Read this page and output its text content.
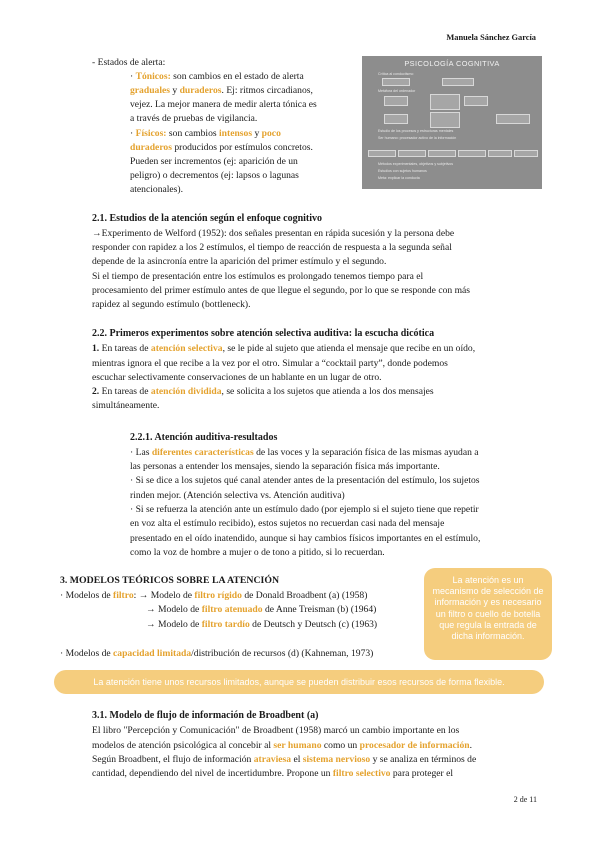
Manuela Sánchez García
2 de 11
PSICOLOGÍA COGNITIVA
Crítica al conductismo
Metáfora del ordenador
Estudio de los procesos y estructuras mentales
Ser humano: procesador activo de la información
Métodos experimentales, objetivos y subjetivos
Estudios con sujetos humanos
Meta: explicar la conducta
- Estados de alerta:
· Tónicos: son cambios en el estado de alerta
graduales y duraderos. Ej: ritmos circadianos,
vejez. La mejor manera de medir alerta tónica es
a través de pruebas de vigilancia.
· Físicos: son cambios intensos y poco
duraderos producidos por estímulos concretos.
Pueden ser incrementos (ej: aparición de un
peligro) o decrementos (ej: lapsos o lagunas
atencionales).
2.1. Estudios de la atención según el enfoque cognitivo
→Experimento de Welford (1952): dos señales presentan en rápida sucesión y la persona debe
responder con rapidez a los 2 estímulos, el tiempo de reacción de respuesta a la segunda señal
depende de la asincronía entre la aparición del primer estímulo y el segundo.
Si el tiempo de presentación entre los estímulos es prolongado tenemos tiempo para el
procesamiento del primer estímulo antes de que llegue el segundo, por lo que se responde con más
rapidez al segundo estímulo (bottleneck).
2.2. Primeros experimentos sobre atención selectiva auditiva: la escucha dicótica
1. En tareas de atención selectiva, se le pide al sujeto que atienda el mensaje que recibe en un oído,
mientras ignora el que recibe a la vez por el otro. Simular a “cocktail party”, donde podemos
escuchar selectivamente conservaciones de un hablante en un lugar de otro.
2. En tareas de atención dividida, se solicita a los sujetos que atienda a los dos mensajes
simultáneamente.
2.2.1. Atención auditiva-resultados
· Las diferentes características de las voces y la separación física de las mismas ayudan a
las personas a entender los mensajes, siendo la separación física más importante.
· Si se dice a los sujetos qué canal atender antes de la presentación del estímulo, los sujetos
rinden mejor. (Atención selectiva vs. Atención auditiva)
· Si se refuerza la atención ante un estímulo dado (por ejemplo si el sujeto tiene que repetir
en voz alta el estímulo recibido), estos sujetos no recuerdan casi nada del mensaje
presentado en el oído inatendido, aunque si hay cambios físicos importantes en el estímulo,
como la voz de hombre a mujer o de tono a pitido, si lo recuerdan.
3. MODELOS TEÓRICOS SOBRE LA ATENCIÓN
· Modelos de filtro: → Modelo de filtro rígido de Donald Broadbent (a) (1958)
→ Modelo de filtro atenuado de Anne Treisman (b) (1964)
→ Modelo de filtro tardío de Deutsch y Deutsch (c) (1963)
· Modelos de capacidad limitada/distribución de recursos (d) (Kahneman, 1973)
La atención es un mecanismo de selección de información y es necesario un filtro o cuello de botella que regula la entrada de dicha información.
La atención tiene unos recursos limitados, aunque se pueden distribuir esos recursos de forma flexible.
3.1. Modelo de flujo de información de Broadbent (a)
El libro "Percepción y Comunicación" de Broadbent (1958) marcó un cambio importante en los
modelos de atención psicológica al concebir al ser humano como un procesador de información.
Según Broadbent, el flujo de información atraviesa el sistema nervioso y se analiza en términos de
cantidad, dependiendo del nivel de incertidumbre. Propone un filtro selectivo para proteger el
